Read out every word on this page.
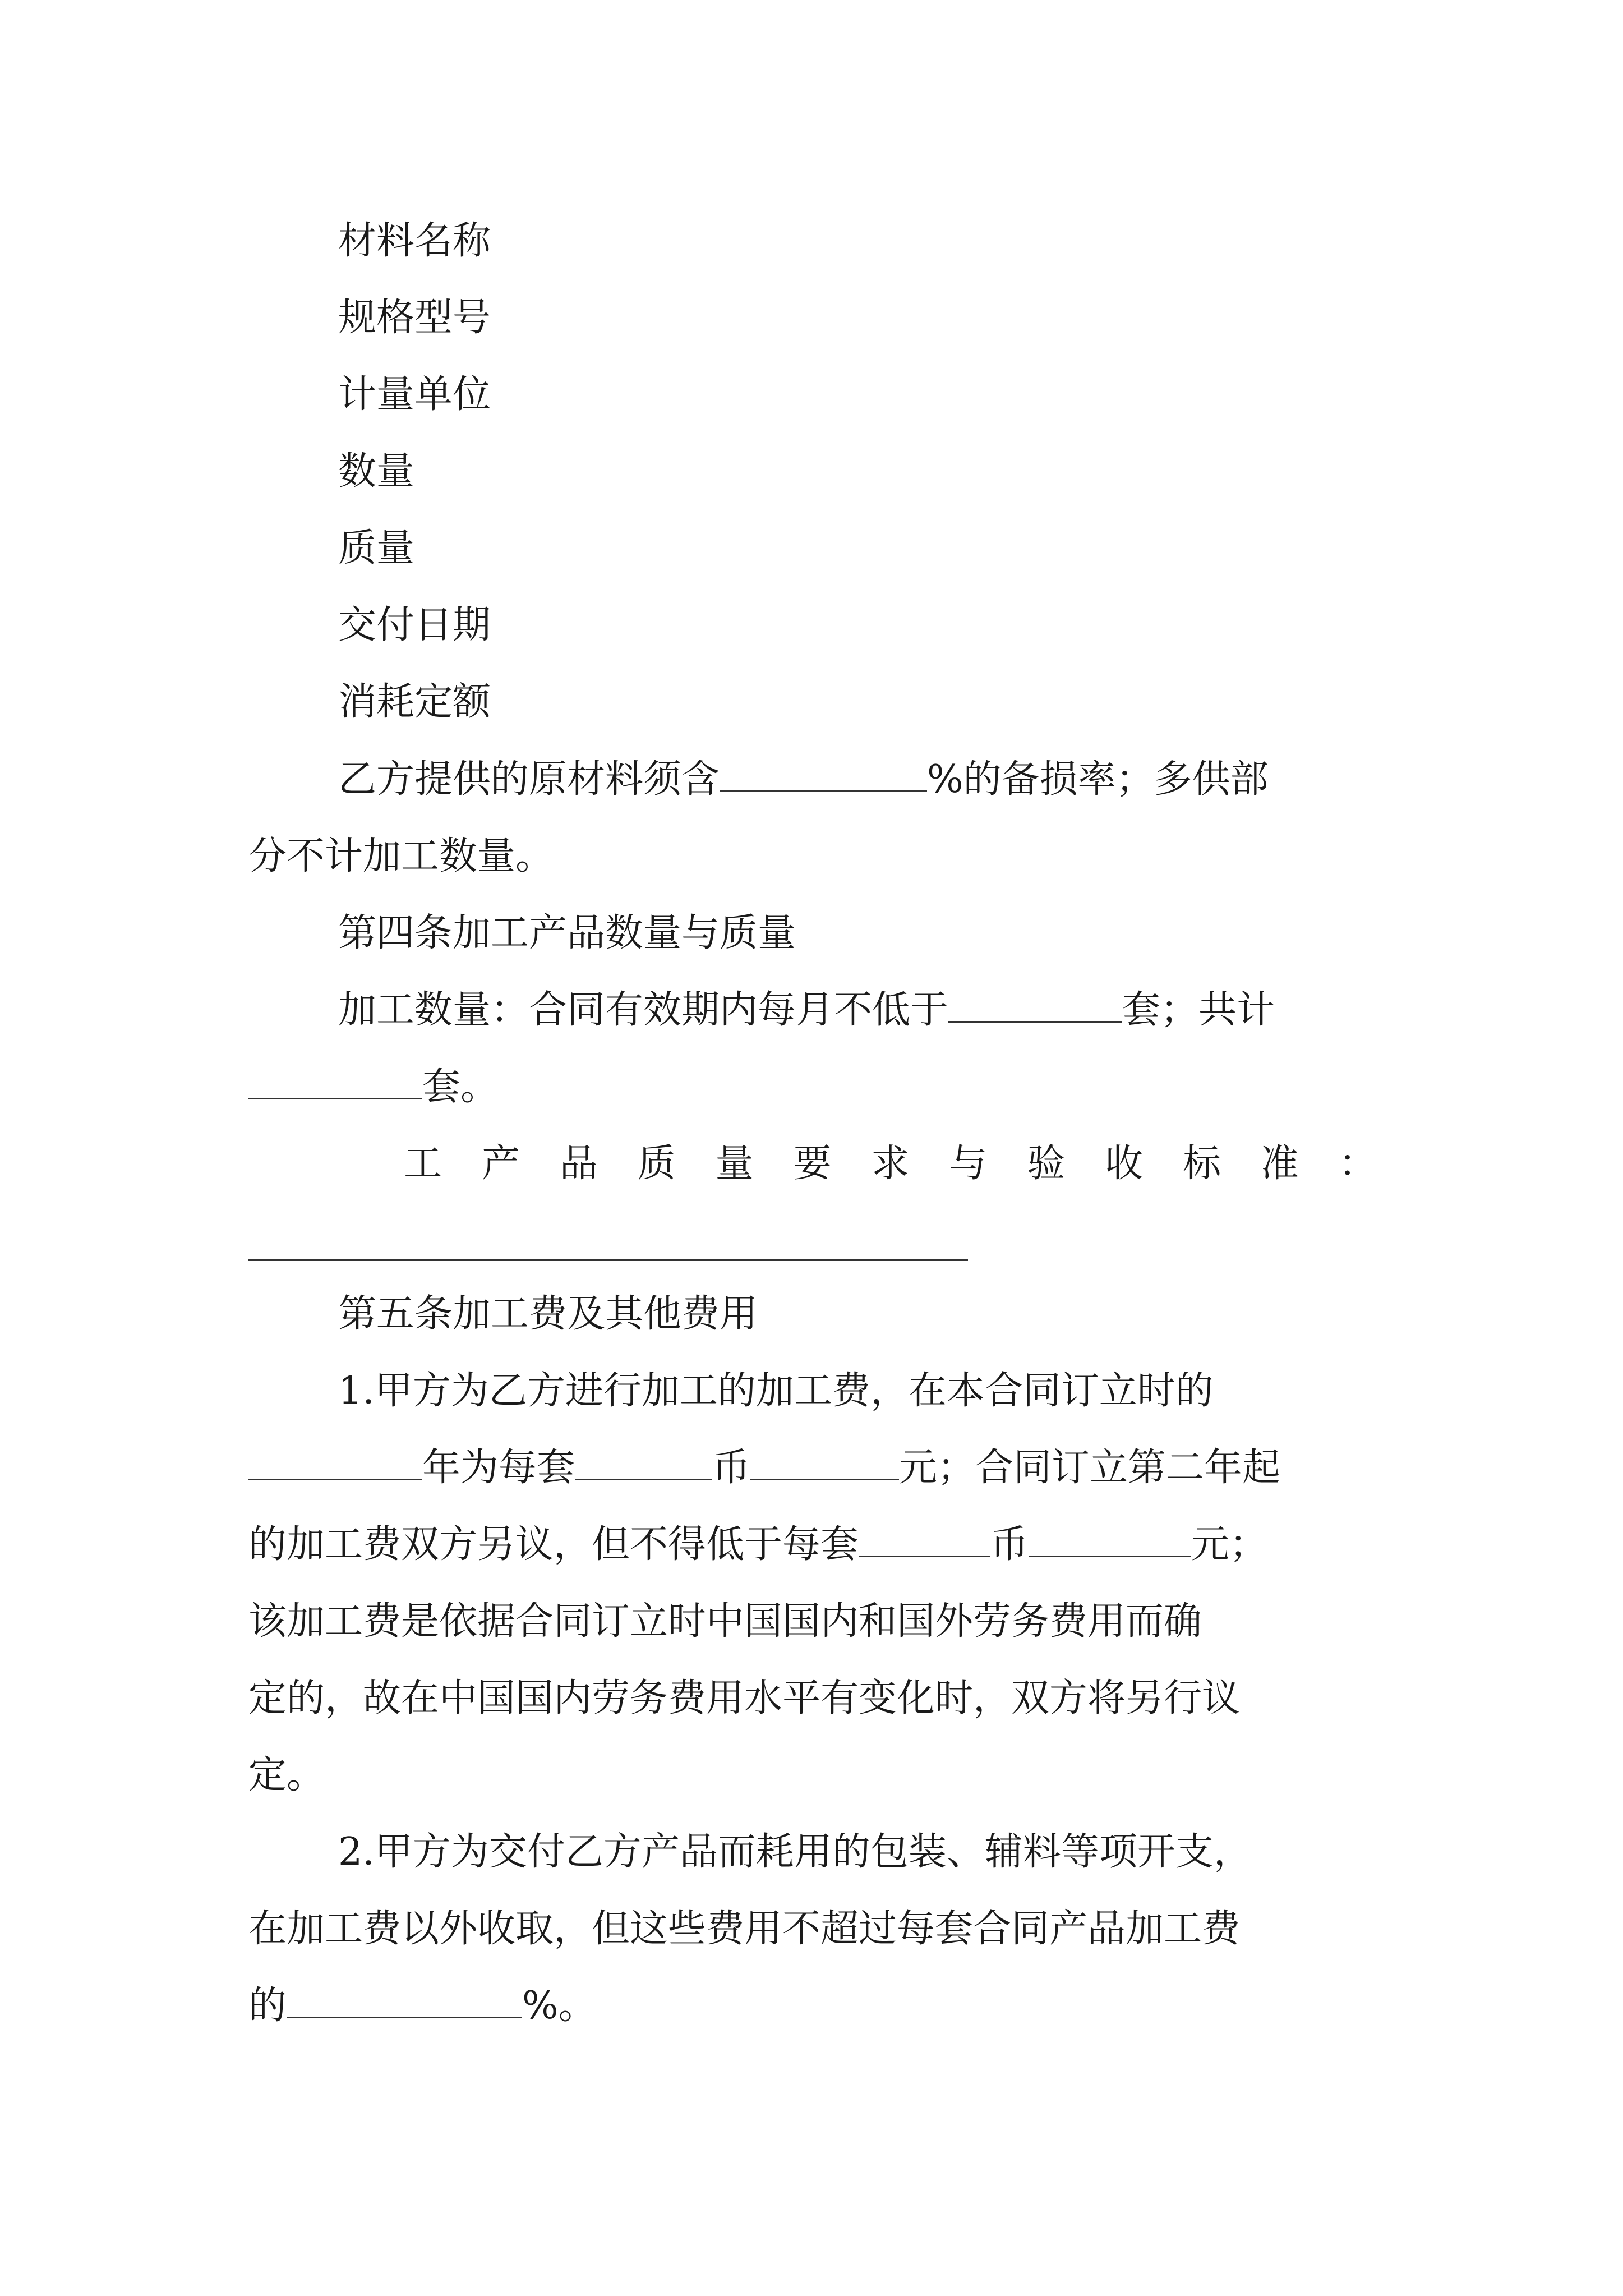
材料名称
规格型号
计量单位
数量
质量
交付日期
消耗定额
乙方提供的原材料须含	%的备损率；多供部
分不计加工数量。
第四条加工产品数量与质量
加工数量：合同有效期内每月不低于	套；共计
套。
工 产 品 质 量 要 求 与 验 收 标 准 ：
第五条加工费及其他费用
1.甲方为乙方进行加工的加工费，在本合同订立时的
年为每套	币	元；合同订立第二年起
的加工费双方另议，但不得低于每套	币	元；
该加工费是依据合同订立时中国国内和国外劳务费用而确
定的，故在中国国内劳务费用水平有变化时，双方将另行议
定。
2.甲方为交付乙方产品而耗用的包装、辅料等项开支，
在加工费以外收取，但这些费用不超过每套合同产品加工费
的	%。
